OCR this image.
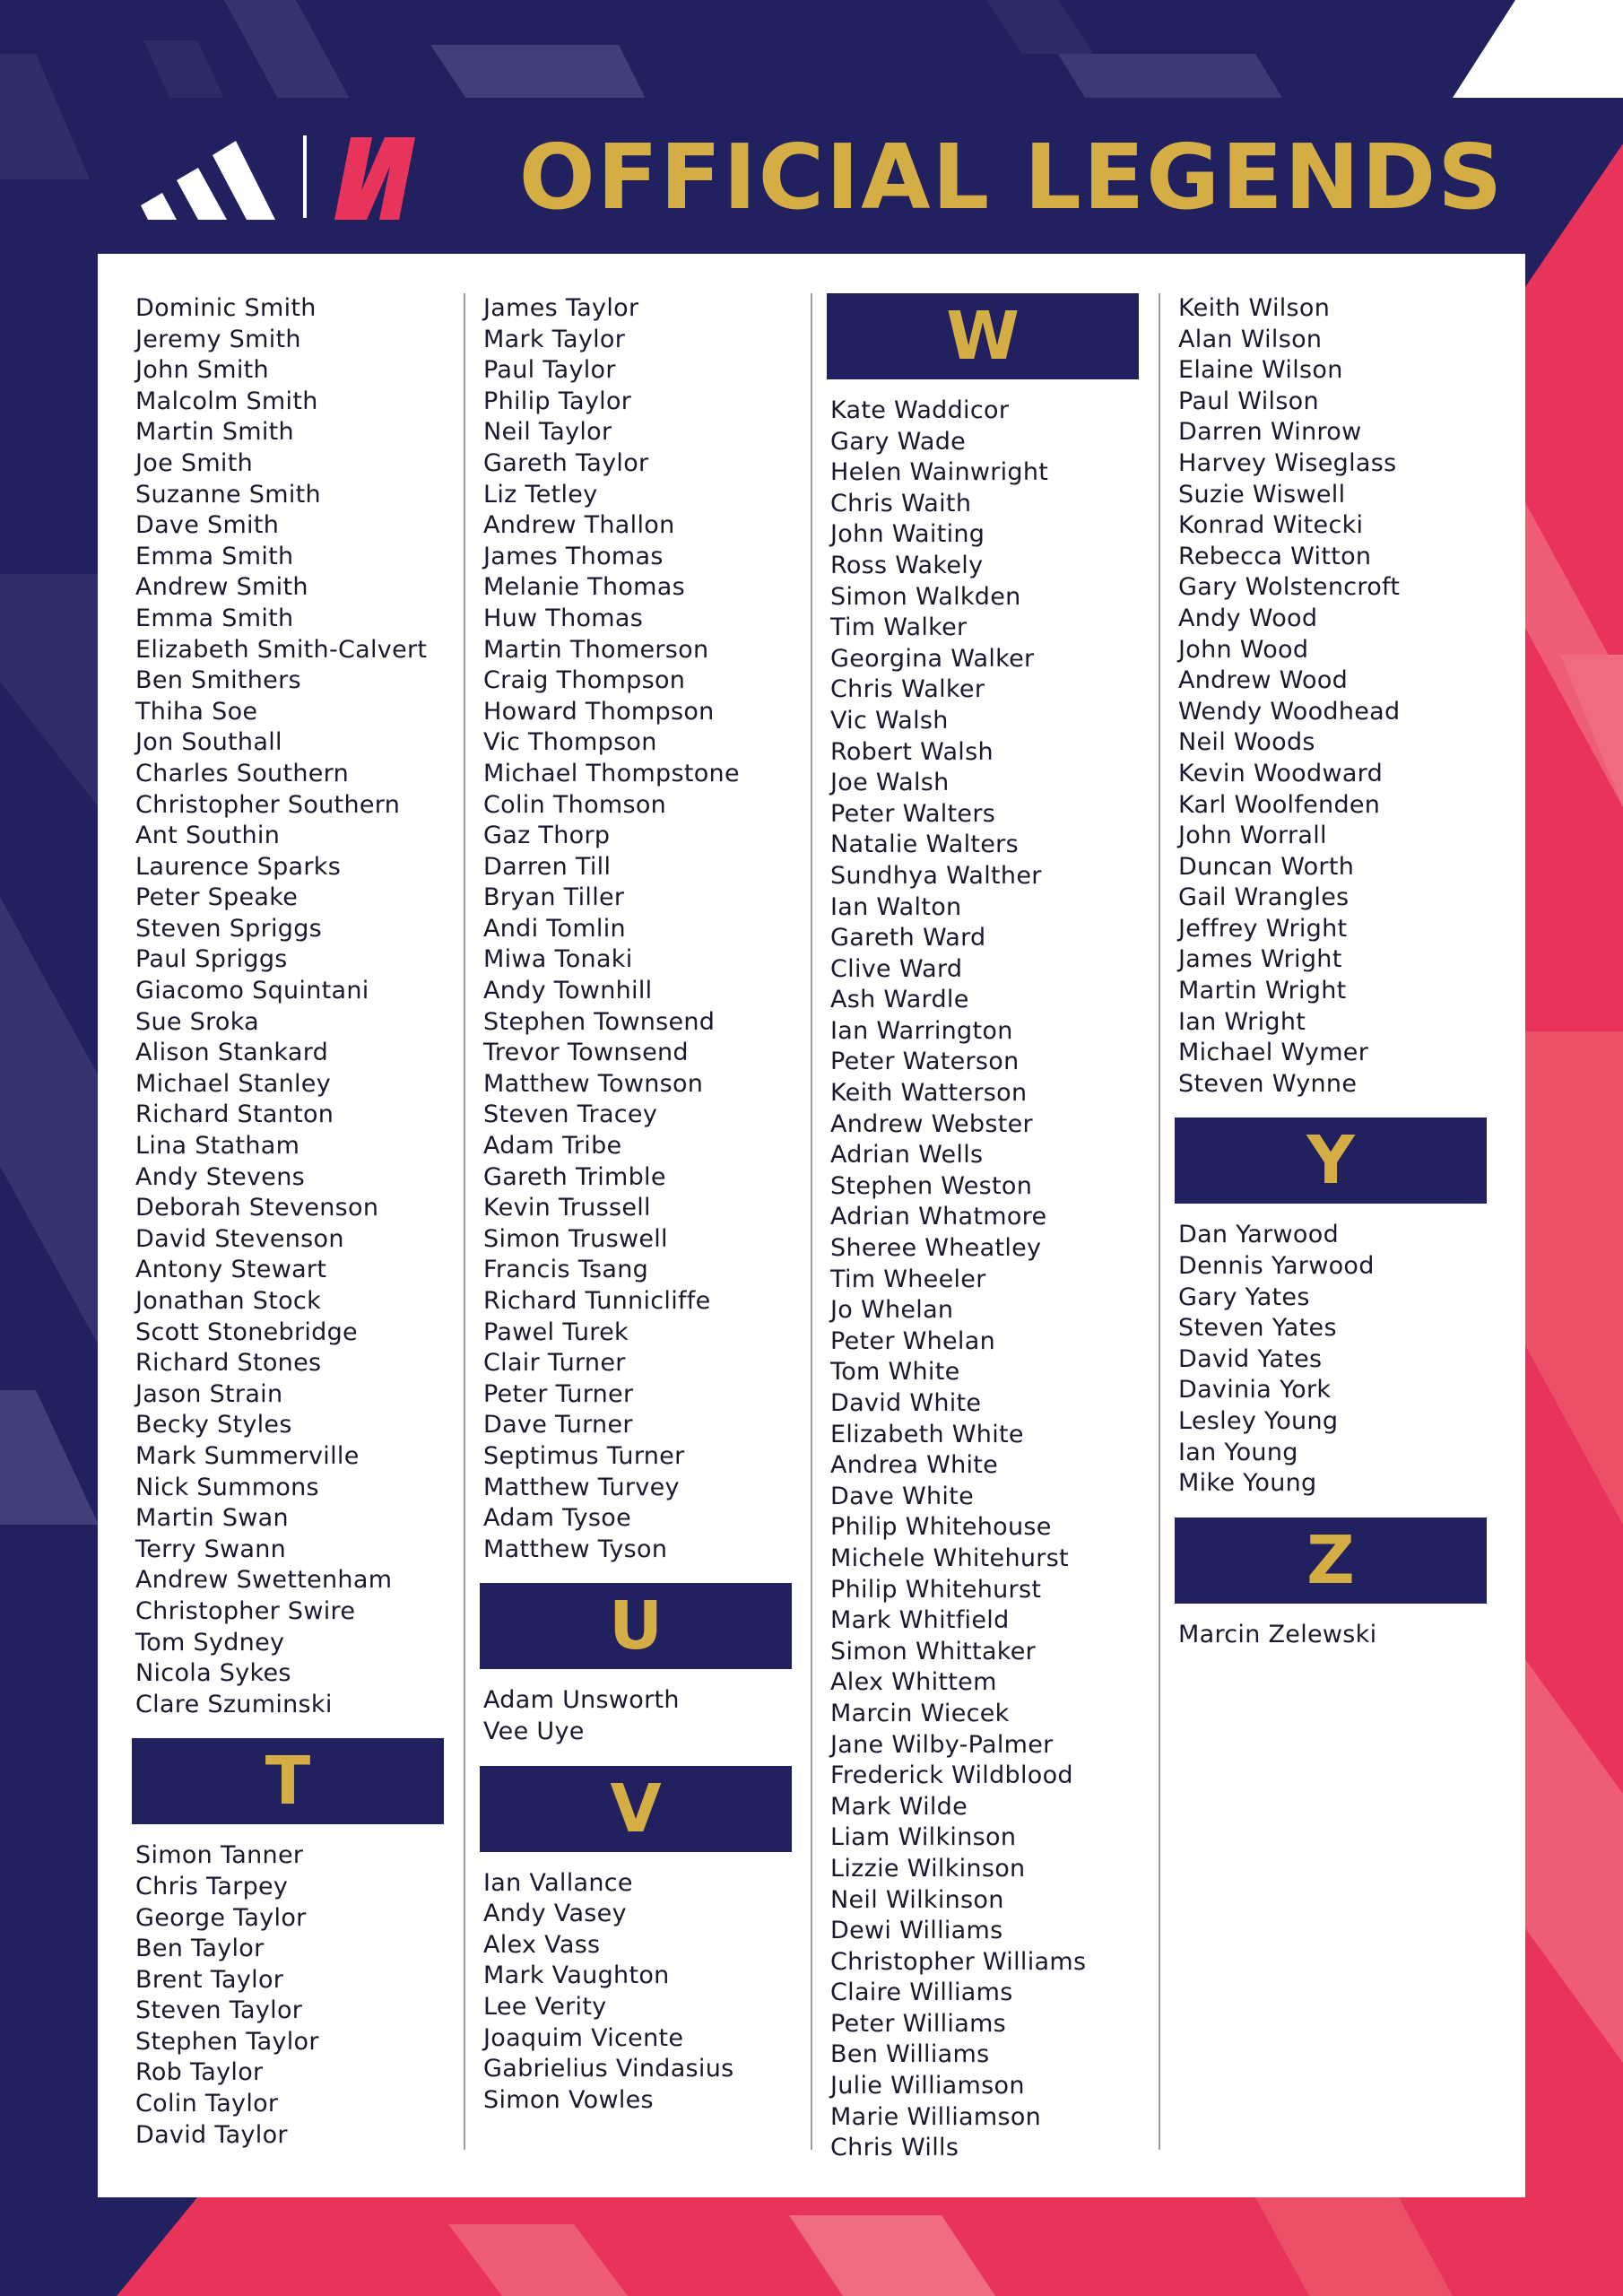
OFFICIAL LEGENDS
Dominic Smith
Jeremy Smith
John Smith
Malcolm Smith
Martin Smith
Joe Smith
Suzanne Smith
Dave Smith
Emma Smith
Andrew Smith
Emma Smith
Elizabeth Smith-Calvert
Ben Smithers
Thiha Soe
Jon Southall
Charles Southern
Christopher Southern
Ant Southin
Laurence Sparks
Peter Speake
Steven Spriggs
Paul Spriggs
Giacomo Squintani
Sue Sroka
Alison Stankard
Michael Stanley
Richard Stanton
Lina Statham
Andy Stevens
Deborah Stevenson
David Stevenson
Antony Stewart
Jonathan Stock
Scott Stonebridge
Richard Stones
Jason Strain
Becky Styles
Mark Summerville
Nick Summons
Martin Swan
Terry Swann
Andrew Swettenham
Christopher Swire
Tom Sydney
Nicola Sykes
Clare Szuminski
T
Simon Tanner
Chris Tarpey
George Taylor
Ben Taylor
Brent Taylor
Steven Taylor
Stephen Taylor
Rob Taylor
Colin Taylor
David Taylor
James Taylor
Mark Taylor
Paul Taylor
Philip Taylor
Neil Taylor
Gareth Taylor
Liz Tetley
Andrew Thallon
James Thomas
Melanie Thomas
Huw Thomas
Martin Thomerson
Craig Thompson
Howard Thompson
Vic Thompson
Michael Thompstone
Colin Thomson
Gaz Thorp
Darren Till
Bryan Tiller
Andi Tomlin
Miwa Tonaki
Andy Townhill
Stephen Townsend
Trevor Townsend
Matthew Townson
Steven Tracey
Adam Tribe
Gareth Trimble
Kevin Trussell
Simon Truswell
Francis Tsang
Richard Tunnicliffe
Pawel Turek
Clair Turner
Peter Turner
Dave Turner
Septimus Turner
Matthew Turvey
Adam Tysoe
Matthew Tyson
U
Adam Unsworth
Vee Uye
V
Ian Vallance
Andy Vasey
Alex Vass
Mark Vaughton
Lee Verity
Joaquim Vicente
Gabrielius Vindasius
Simon Vowles
W
Kate Waddicor
Gary Wade
Helen Wainwright
Chris Waith
John Waiting
Ross Wakely
Simon Walkden
Tim Walker
Georgina Walker
Chris Walker
Vic Walsh
Robert Walsh
Joe Walsh
Peter Walters
Natalie Walters
Sundhya Walther
Ian Walton
Gareth Ward
Clive Ward
Ash Wardle
Ian Warrington
Peter Waterson
Keith Watterson
Andrew Webster
Adrian Wells
Stephen Weston
Adrian Whatmore
Sheree Wheatley
Tim Wheeler
Jo Whelan
Peter Whelan
Tom White
David White
Elizabeth White
Andrea White
Dave White
Philip Whitehouse
Michele Whitehurst
Philip Whitehurst
Mark Whitfield
Simon Whittaker
Alex Whittem
Marcin Wiecek
Jane Wilby-Palmer
Frederick Wildblood
Mark Wilde
Liam Wilkinson
Lizzie Wilkinson
Neil Wilkinson
Dewi Williams
Christopher Williams
Claire Williams
Peter Williams
Ben Williams
Julie Williamson
Marie Williamson
Chris Wills
Keith Wilson
Alan Wilson
Elaine Wilson
Paul Wilson
Darren Winrow
Harvey Wiseglass
Suzie Wiswell
Konrad Witecki
Rebecca Witton
Gary Wolstencroft
Andy Wood
John Wood
Andrew Wood
Wendy Woodhead
Neil Woods
Kevin Woodward
Karl Woolfenden
John Worrall
Duncan Worth
Gail Wrangles
Jeffrey Wright
James Wright
Martin Wright
Ian Wright
Michael Wymer
Steven Wynne
Y
Dan Yarwood
Dennis Yarwood
Gary Yates
Steven Yates
David Yates
Davinia York
Lesley Young
Ian Young
Mike Young
Z
Marcin Zelewski
